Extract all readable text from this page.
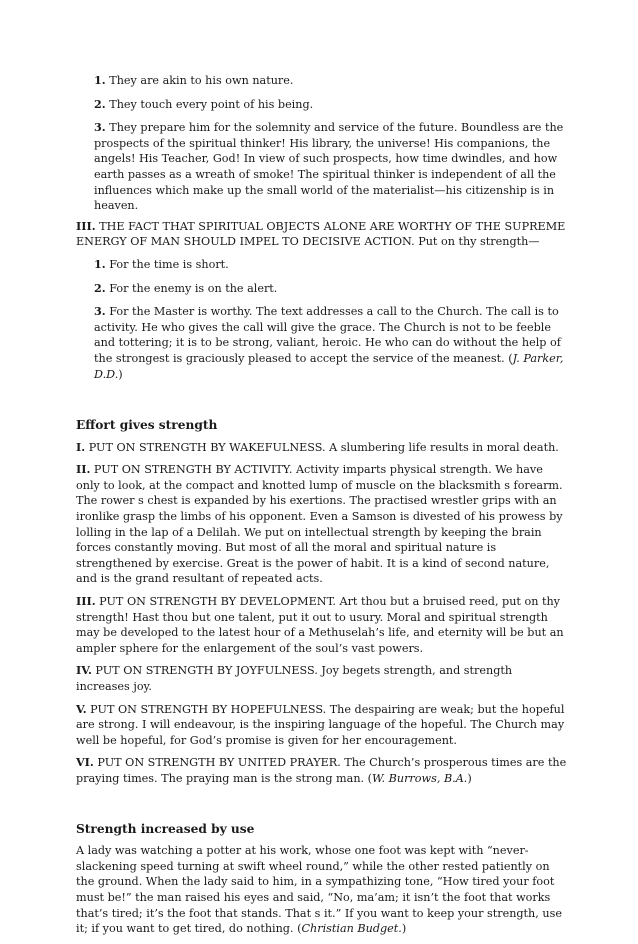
1. They are akin to his own nature.
2. They touch every point of his being.
3. They prepare him for the solemnity and service of the future. Boundless are the prospects of the spiritual thinker! His library, the universe! His companions, the angels! His Teacher, God! In view of such prospects, how time dwindles, and how earth passes as a wreath of smoke! The spiritual thinker is independent of all the influences which make up the small world of the materialist—his citizenship is in heaven.
III. THE FACT THAT SPIRITUAL OBJECTS ALONE ARE WORTHY OF THE SUPREME ENERGY OF MAN SHOULD IMPEL TO DECISIVE ACTION. Put on thy strength—
1. For the time is short.
2. For the enemy is on the alert.
3. For the Master is worthy. The text addresses a call to the Church. The call is to activity. He who gives the call will give the grace. The Church is not to be feeble and tottering; it is to be strong, valiant, heroic. He who can do without the help of the strongest is graciously pleased to accept the service of the meanest. (J. Parker, D.D.)
Effort gives strength
I. PUT ON STRENGTH BY WAKEFULNESS. A slumbering life results in moral death.
II. PUT ON STRENGTH BY ACTIVITY. Activity imparts physical strength. We have only to look, at the compact and knotted lump of muscle on the blacksmith s forearm. The rower s chest is expanded by his exertions. The practised wrestler grips with an ironlike grasp the limbs of his opponent. Even a Samson is divested of his prowess by lolling in the lap of a Delilah. We put on intellectual strength by keeping the brain forces constantly moving. But most of all the moral and spiritual nature is strengthened by exercise. Great is the power of habit. It is a kind of second nature, and is the grand resultant of repeated acts.
III. PUT ON STRENGTH BY DEVELOPMENT. Art thou but a bruised reed, put on thy strength! Hast thou but one talent, put it out to usury. Moral and spiritual strength may be developed to the latest hour of a Methuselah’s life, and eternity will be but an ampler sphere for the enlargement of the soul’s vast powers.
IV. PUT ON STRENGTH BY JOYFULNESS. Joy begets strength, and strength increases joy.
V. PUT ON STRENGTH BY HOPEFULNESS. The despairing are weak; but the hopeful are strong. I will endeavour, is the inspiring language of the hopeful. The Church may well be hopeful, for God’s promise is given for her encouragement.
VI. PUT ON STRENGTH BY UNITED PRAYER. The Church’s prosperous times are the praying times. The praying man is the strong man. (W. Burrows, B.A.)
Strength increased by use
A lady was watching a potter at his work, whose one foot was kept with “never-slackening speed turning at swift wheel round,” while the other rested patiently on the ground. When the lady said to him, in a sympathizing tone, “How tired your foot must be!” the man raised his eyes and said, “No, ma’am; it isn’t the foot that works that’s tired; it’s the foot that stands. That s it.” If you want to keep your strength, use it; if you want to get tired, do nothing. (Christian Budget.)
